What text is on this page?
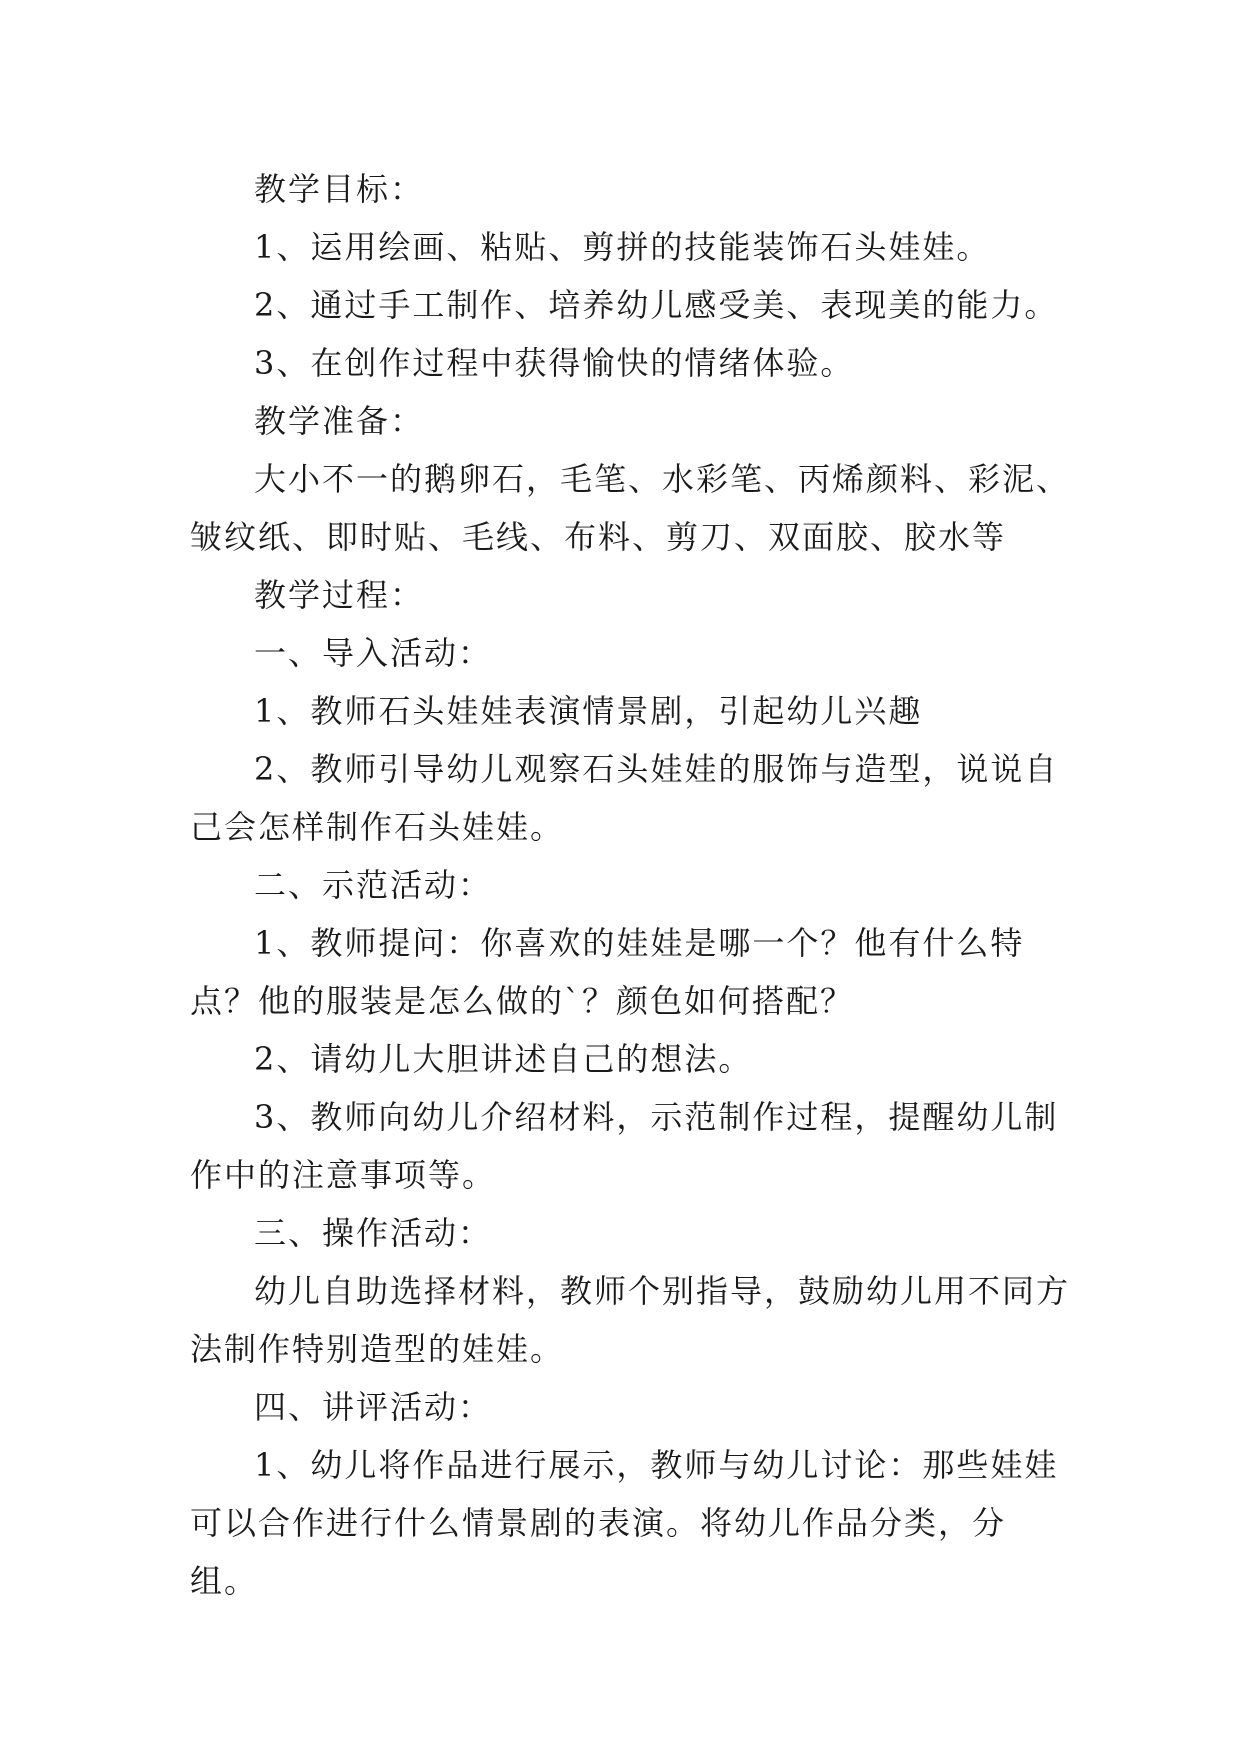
教学目标：

1、运用绘画、粘贴、剪拼的技能装饰石头娃娃。

2、通过手工制作、培养幼儿感受美、表现美的能力。

3、在创作过程中获得愉快的情绪体验。

教学准备：

大小不一的鹅卵石，毛笔、水彩笔、丙烯颜料、彩泥、皱纹纸、即时贴、毛线、布料、剪刀、双面胶、胶水等

教学过程：

一、导入活动：

1、教师石头娃娃表演情景剧，引起幼儿兴趣

2、教师引导幼儿观察石头娃娃的服饰与造型，说说自己会怎样制作石头娃娃。

二、示范活动：

1、教师提问：你喜欢的娃娃是哪一个？他有什么特点？他的服装是怎么做的`？颜色如何搭配？

2、请幼儿大胆讲述自己的想法。

3、教师向幼儿介绍材料，示范制作过程，提醒幼儿制作中的注意事项等。

三、操作活动：

幼儿自助选择材料，教师个别指导，鼓励幼儿用不同方法制作特别造型的娃娃。

四、讲评活动：

1、幼儿将作品进行展示，教师与幼儿讨论：那些娃娃可以合作进行什么情景剧的表演。将幼儿作品分类，分组。
